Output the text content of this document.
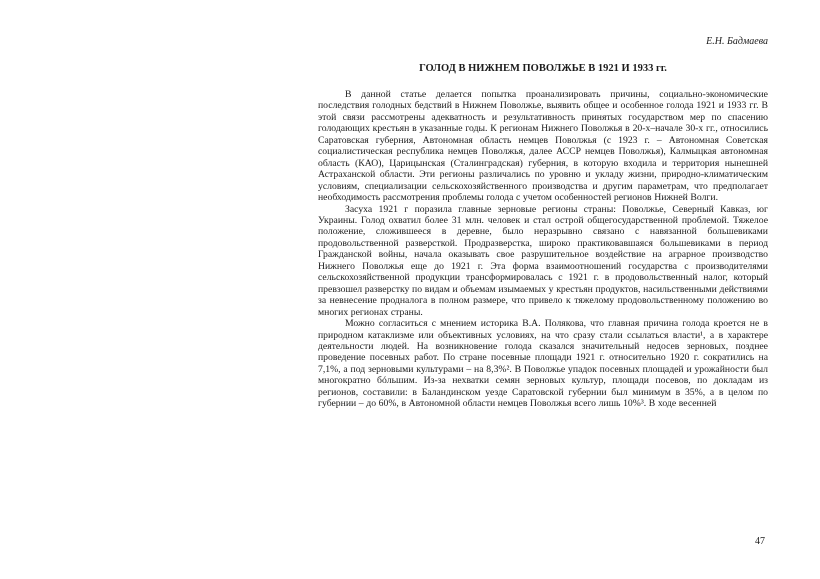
Е.Н. Бадмаева

ГОЛОД В НИЖНЕМ ПОВОЛЖЬЕ В 1921 И 1933 гг.

В данной статье делается попытка проанализировать причины, социально-экономические последствия голодных бедствий в Нижнем Поволжье, выявить общее и особенное голода 1921 и 1933 гг. В этой связи рассмотрены адекватность и результативность принятых государством мер по спасению голодающих крестьян в указанные годы. К регионам Нижнего Поволжья в 20-х–начале 30-х гг., относились Саратовская губерния, Автономная область немцев Поволжья (с 1923 г. – Автономная Советская социалистическая республика немцев Поволжья, далее АССР немцев Поволжья), Калмыцкая автономная область (КАО), Царицынская (Сталинградская) губерния, в которую входила и территория нынешней Астраханской области. Эти регионы различались по уровню и укладу жизни, природно-климатическим условиям, специализации сельскохозяйственного производства и другим параметрам, что предполагает необходимость рассмотрения проблемы голода с учетом особенностей регионов Нижней Волги.

Засуха 1921 г поразила главные зерновые регионы страны: Поволжье, Северный Кавказ, юг Украины. Голод охватил более 31 млн. человек и стал острой общегосударственной проблемой. Тяжелое положение, сложившееся в деревне, было неразрывно связано с навязанной большевиками продовольственной разверсткой. Продразверстка, широко практиковавшаяся большевиками в период Гражданской войны, начала оказывать свое разрушительное воздействие на аграрное производство Нижнего Поволжья еще до 1921 г. Эта форма взаимоотношений государства с производителями сельскохозяйственной продукции трансформировалась с 1921 г. в продовольственный налог, который превзошел разверстку по видам и объемам изымаемых у крестьян продуктов, насильственными действиями за невнесение продналога в полном размере, что привело к тяжелому продовольственному положению во многих регионах страны.

Можно согласиться с мнением историка В.А. Полякова, что главная причина голода кроется не в природном катаклизме или объективных условиях, на что сразу стали ссылаться власти¹, а в характере деятельности людей. На возникновение голода сказался значительный недосев зерновых, позднее проведение посевных работ. По стране посевные площади 1921 г. относительно 1920 г. сократились на 7,1%, а под зерновыми культурами – на 8,3%². В Поволжье упадок посевных площадей и урожайности был многократно бóльшим. Из-за нехватки семян зерновых культур, площади посевов, по докладам из регионов, составили: в Баландинском уезде Саратовской губернии был минимум в 35%, а в целом по губернии – до 60%, в Автономной области немцев Поволжья всего лишь 10%³. В ходе весенней

47
